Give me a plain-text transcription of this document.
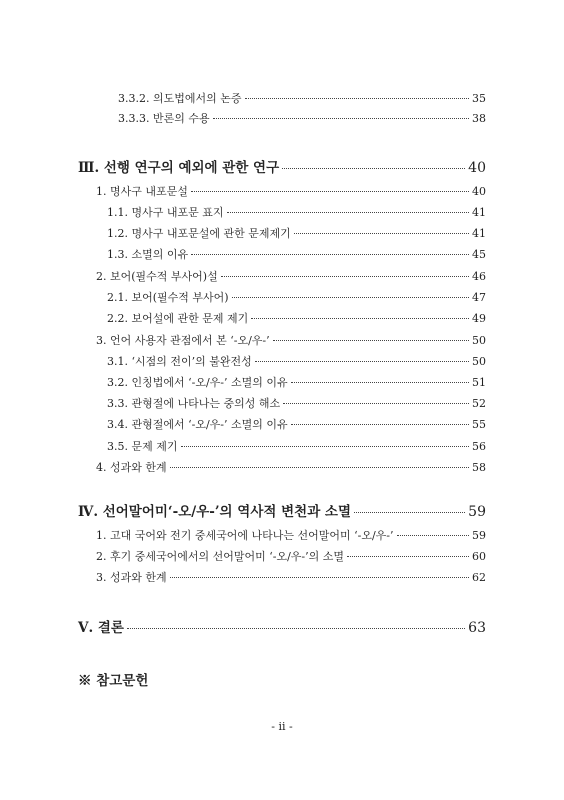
3.3.2. 의도법에서의 논증	35
3.3.3. 반론의 수용	38
Ⅲ. 선행 연구의 예외에 관한 연구	40
1. 명사구 내포문설	40
1.1. 명사구 내포문 표지	41
1.2. 명사구 내포문설에 관한 문제제기	41
1.3. 소멸의 이유	45
2. 보어(필수적 부사어)설	46
2.1. 보어(필수적 부사어)	47
2.2. 보어설에 관한 문제 제기	49
3. 언어 사용자 관점에서 본 ‘-오/우-’	50
3.1. ‘시점의 전이’의 불완전성	50
3.2. 인칭법에서 ‘-오/우-’ 소멸의 이유	51
3.3. 관형절에 나타나는 중의성 해소	52
3.4. 관형절에서 ‘-오/우-’ 소멸의 이유	55
3.5. 문제 제기	56
4. 성과와 한계	58
Ⅳ. 선어말어미‘-오/우-’의 역사적 변천과 소멸	59
1. 고대 국어와 전기 중세국어에 나타나는 선어말어미 ‘-오/우-’	59
2. 후기 중세국어에서의 선어말어미 ‘-오/우-’의 소멸	60
3. 성과와 한계	62
Ⅴ. 결론	63
※ 참고문헌
- ii -
